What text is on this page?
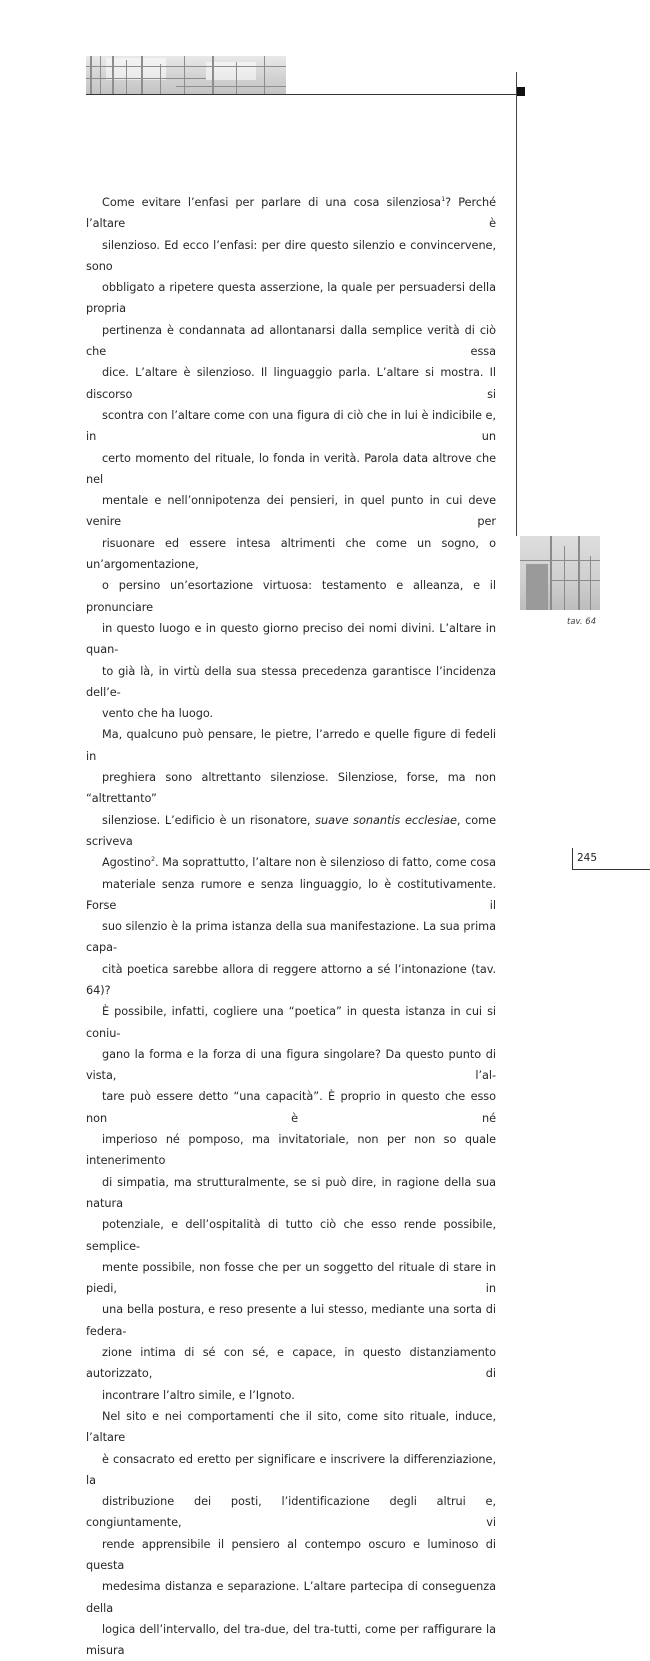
Come evitare l’enfasi per parlare di una cosa silenziosa$^1$? Perché l’altare è
silenzioso. Ed ecco l’enfasi: per dire questo silenzio e convincervene, sono
obbligato a ripetere questa asserzione, la quale per persuadersi della propria
pertinenza è condannata ad allontanarsi dalla semplice verità di ciò che essa
dice. L’altare è silenzioso. Il linguaggio parla. L’altare si mostra. Il discorso si
scontra con l’altare come con una figura di ciò che in lui è indicibile e, in un
certo momento del rituale, lo fonda in verità. Parola data altrove che nel
mentale e nell’onnipotenza dei pensieri, in quel punto in cui deve venire per
risuonare ed essere intesa altrimenti che come un sogno, o un’argomentazione,
o persino un’esortazione virtuosa: testamento e alleanza, e il pronunciare
in questo luogo e in questo giorno preciso dei nomi divini. L’altare in quan-
to già là, in virtù della sua stessa precedenza garantisce l’incidenza dell’e-
vento che ha luogo.

Ma, qualcuno può pensare, le pietre, l’arredo e quelle figure di fedeli in
preghiera sono altrettanto silenziose. Silenziose, forse, ma non “altrettanto”
silenziose. L’edificio è un risonatore, suave sonantis ecclesiae, come scriveva
Agostino$^2$. Ma soprattutto, l’altare non è silenzioso di fatto, come cosa
materiale senza rumore e senza linguaggio, lo è costitutivamente. Forse il
suo silenzio è la prima istanza della sua manifestazione. La sua prima capa-
cità poetica sarebbe allora di reggere attorno a sé l’intonazione (tav. 64)?

È possibile, infatti, cogliere una “poetica” in questa istanza in cui si coniu-
gano la forma e la forza di una figura singolare? Da questo punto di vista, l’al-
tare può essere detto “una capacità”. È proprio in questo che esso non è né
imperioso né pomposo, ma invitatoriale, non per non so quale intenerimento
di simpatia, ma strutturalmente, se si può dire, in ragione della sua natura
potenziale, e dell’ospitalità di tutto ciò che esso rende possibile, semplice-
mente possibile, non fosse che per un soggetto del rituale di stare in piedi, in
una bella postura, e reso presente a lui stesso, mediante una sorta di federa-
zione intima di sé con sé, e capace, in questo distanziamento autorizzato, di
incontrare l’altro simile, e l’Ignoto.

Nel sito e nei comportamenti che il sito, come sito rituale, induce, l’altare
è consacrato ed eretto per significare e inscrivere la differenziazione, la
distribuzione dei posti, l’identificazione degli altrui e, congiuntamente, vi
rende apprensibile il pensiero al contempo oscuro e luminoso di questa
medesima distanza e separazione. L’altare partecipa di conseguenza della
logica dell’intervallo, del tra-due, del tra-tutti, come per raffigurare la misura

tav. 64
245
